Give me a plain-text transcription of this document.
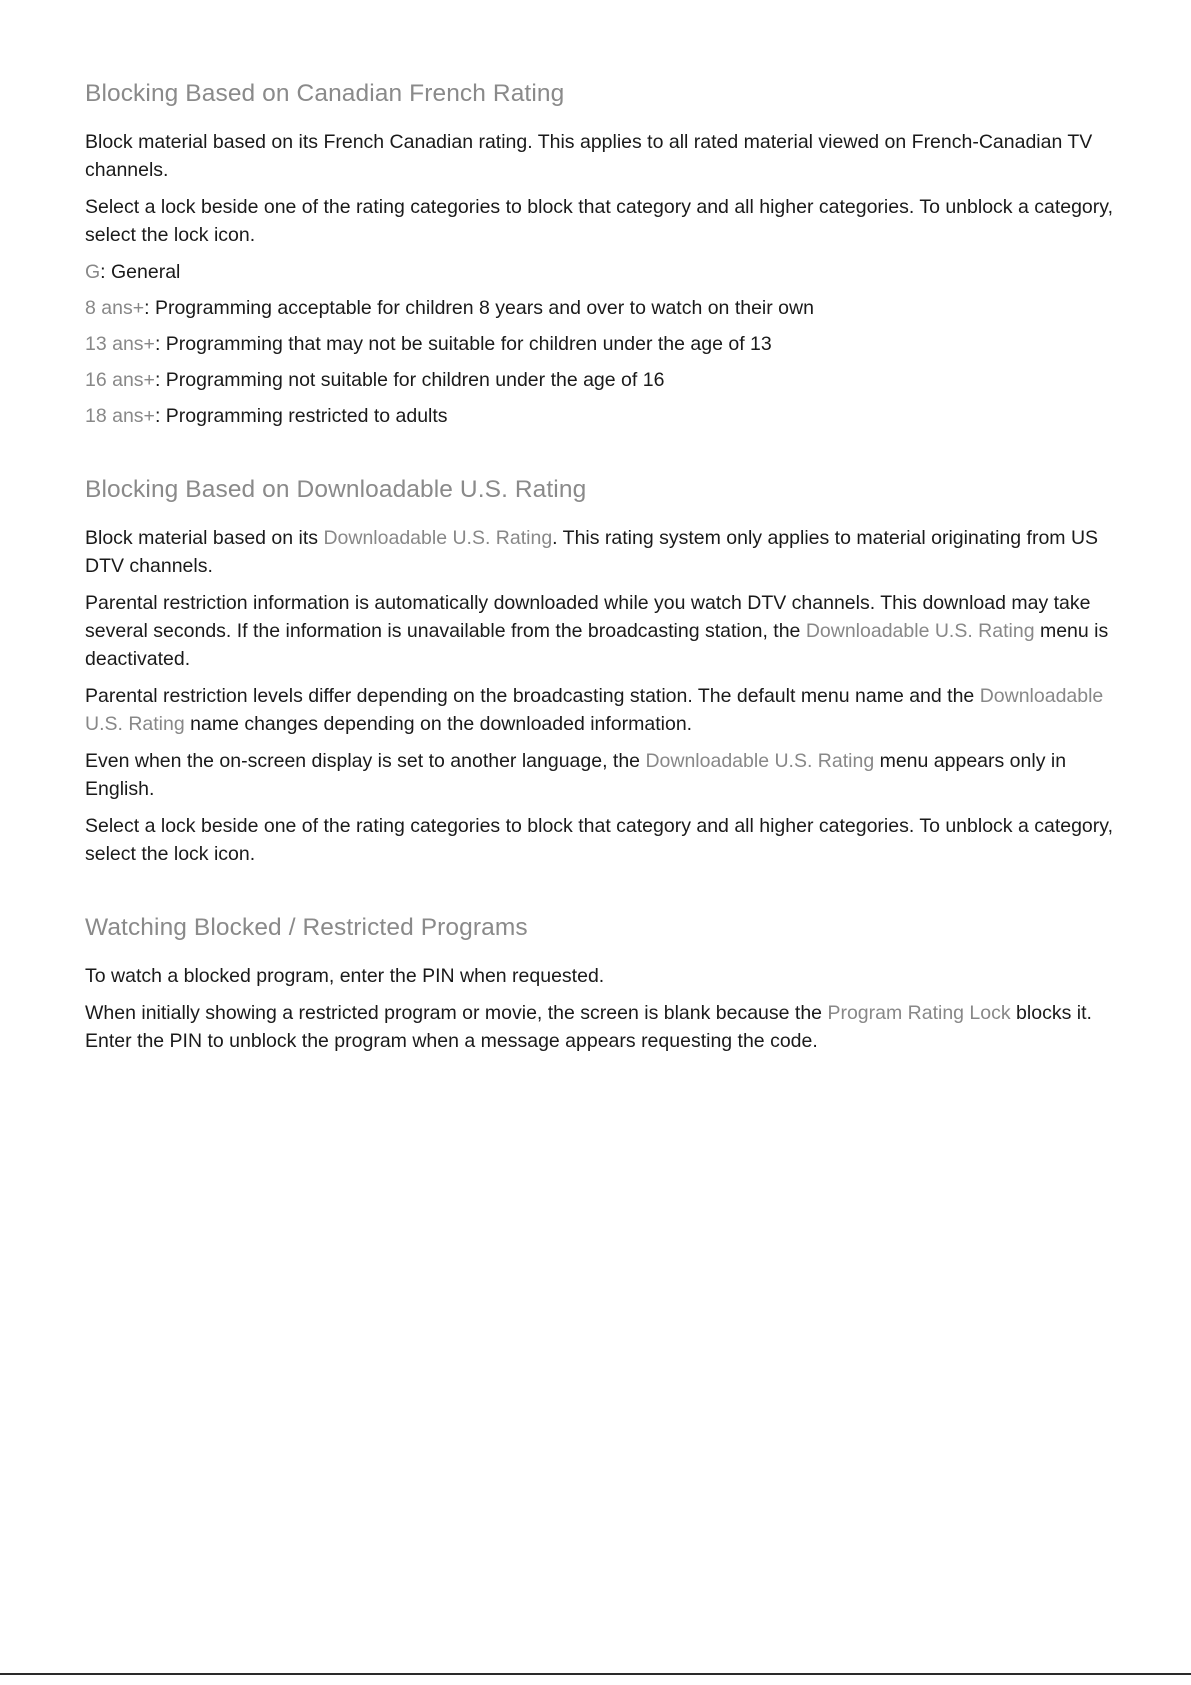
Blocking Based on Canadian French Rating

Block material based on its French Canadian rating. This applies to all rated material viewed on French-Canadian TV channels.

Select a lock beside one of the rating categories to block that category and all higher categories. To unblock a category, select the lock icon.

G: General

8 ans+: Programming acceptable for children 8 years and over to watch on their own

13 ans+: Programming that may not be suitable for children under the age of 13

16 ans+: Programming not suitable for children under the age of 16

18 ans+: Programming restricted to adults

Blocking Based on Downloadable U.S. Rating

Block material based on its Downloadable U.S. Rating. This rating system only applies to material originating from US DTV channels.

Parental restriction information is automatically downloaded while you watch DTV channels. This download may take several seconds. If the information is unavailable from the broadcasting station, the Downloadable U.S. Rating menu is deactivated.

Parental restriction levels differ depending on the broadcasting station. The default menu name and the Downloadable U.S. Rating name changes depending on the downloaded information.

Even when the on-screen display is set to another language, the Downloadable U.S. Rating menu appears only in English.

Select a lock beside one of the rating categories to block that category and all higher categories. To unblock a category, select the lock icon.

Watching Blocked / Restricted Programs

To watch a blocked program, enter the PIN when requested.

When initially showing a restricted program or movie, the screen is blank because the Program Rating Lock blocks it. Enter the PIN to unblock the program when a message appears requesting the code.
